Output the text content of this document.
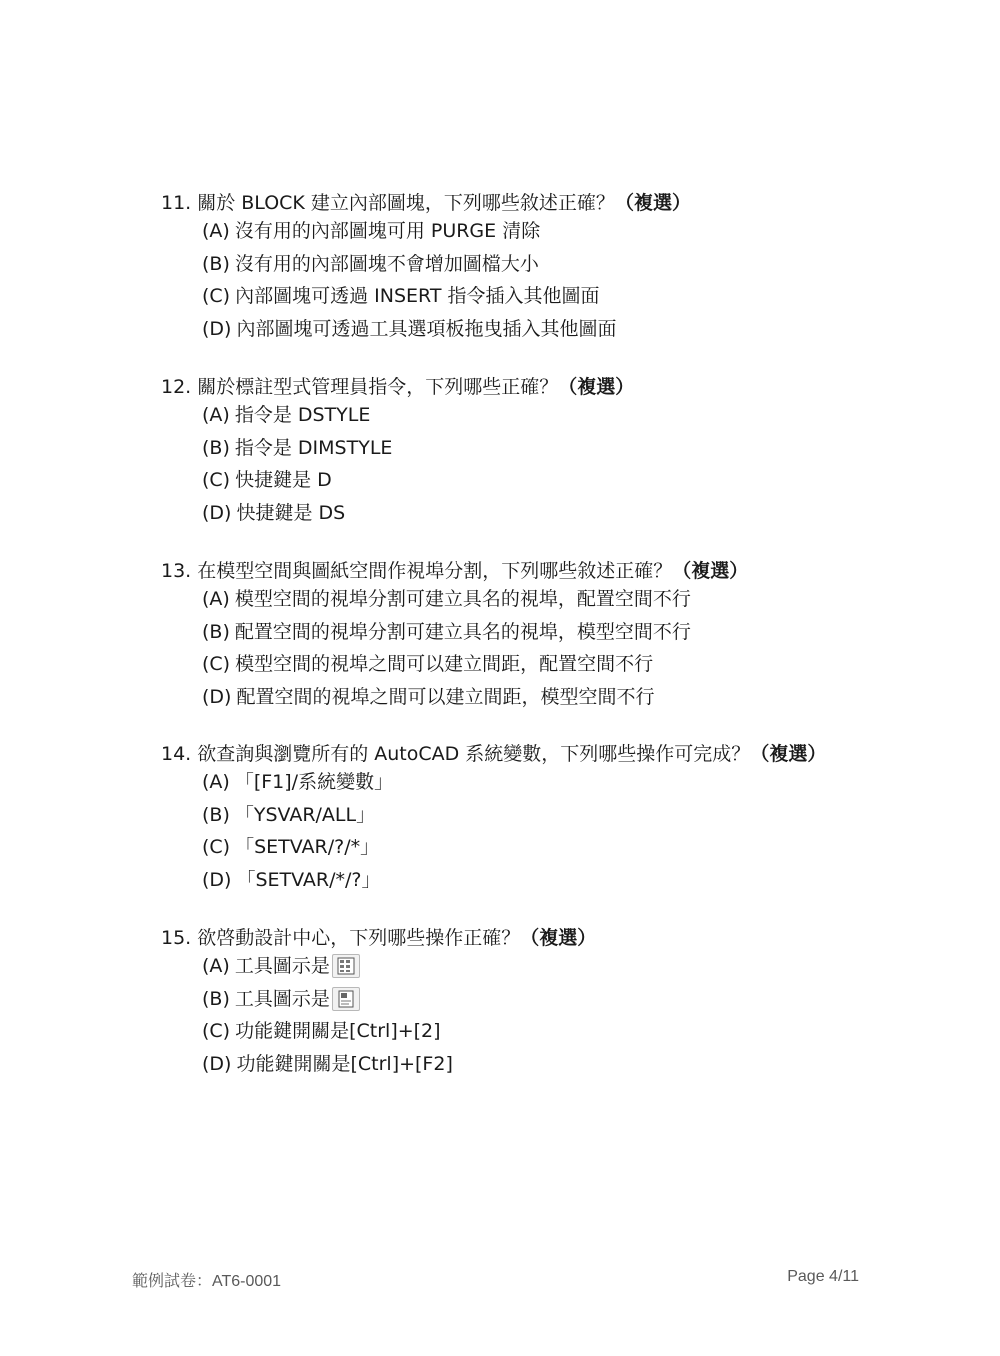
11. 關於 BLOCK 建立內部圖塊，下列哪些敘述正確？（複選）
(A) 沒有用的內部圖塊可用 PURGE 清除
(B) 沒有用的內部圖塊不會增加圖檔大小
(C) 內部圖塊可透過 INSERT 指令插入其他圖面
(D) 內部圖塊可透過工具選項板拖曳插入其他圖面
12. 關於標註型式管理員指令，下列哪些正確？（複選）
(A) 指令是 DSTYLE
(B) 指令是 DIMSTYLE
(C) 快捷鍵是 D
(D) 快捷鍵是 DS
13. 在模型空間與圖紙空間作視埠分割，下列哪些敘述正確？（複選）
(A) 模型空間的視埠分割可建立具名的視埠，配置空間不行
(B) 配置空間的視埠分割可建立具名的視埠，模型空間不行
(C) 模型空間的視埠之間可以建立間距，配置空間不行
(D) 配置空間的視埠之間可以建立間距，模型空間不行
14. 欲查詢與瀏覽所有的 AutoCAD 系統變數，下列哪些操作可完成？（複選）
(A) 「[F1]/系統變數」
(B) 「YSVAR/ALL」
(C) 「SETVAR/?/*」
(D) 「SETVAR/*/?」
15. 欲啓動設計中心，下列哪些操作正確？（複選）
(A) 工具圖示是
(B) 工具圖示是
(C) 功能鍵開關是[Ctrl]+[2]
(D) 功能鍵開關是[Ctrl]+[F2]
範例試卷：AT6-0001	Page 4/11
